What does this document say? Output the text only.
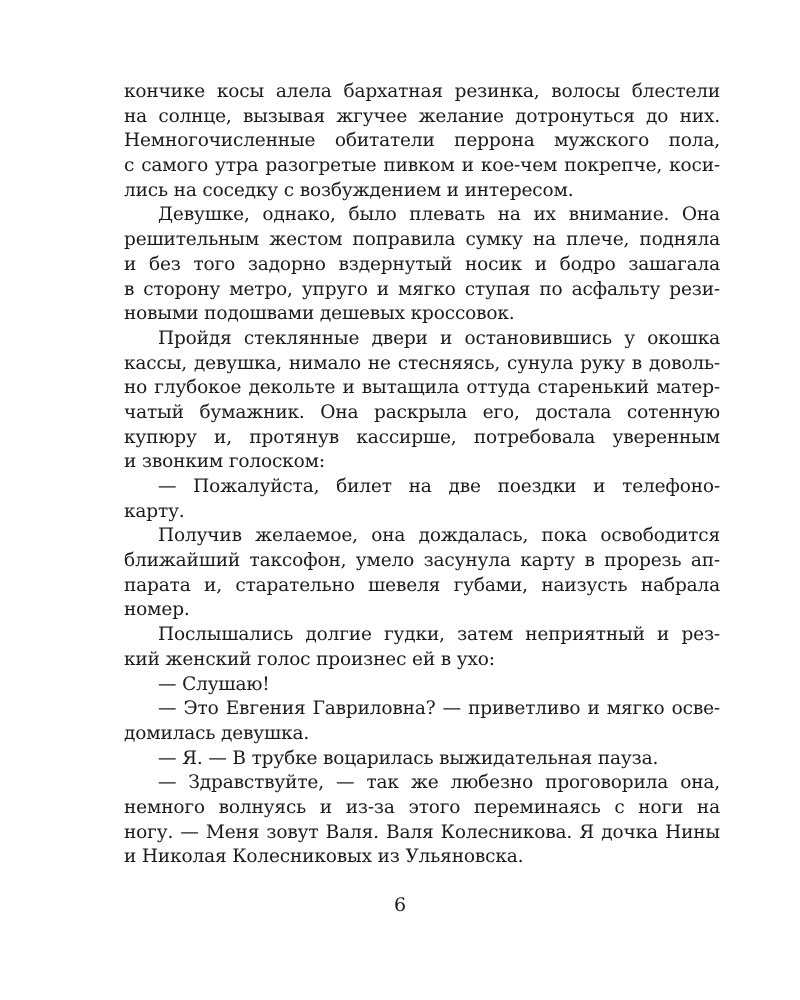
кончике косы алела бархатная резинка, волосы блестели
на солнце, вызывая жгучее желание дотронуться до них.
Немногочисленные обитатели перрона мужского пола,
с самого утра разогретые пивком и кое-чем покрепче, коси-
лись на соседку с возбуждением и интересом.
Девушке, однако, было плевать на их внимание. Она
решительным жестом поправила сумку на плече, подняла
и без того задорно вздернутый носик и бодро зашагала
в сторону метро, упруго и мягко ступая по асфальту рези-
новыми подошвами дешевых кроссовок.
Пройдя стеклянные двери и остановившись у окошка
кассы, девушка, нимало не стесняясь, сунула руку в доволь-
но глубокое декольте и вытащила оттуда старенький матер-
чатый бумажник. Она раскрыла его, достала сотенную
купюру и, протянув кассирше, потребовала уверенным
и звонким голоском:
— Пожалуйста, билет на две поездки и телефоно-
карту.
Получив желаемое, она дождалась, пока освободится
ближайший таксофон, умело засунула карту в прорезь ап-
парата и, старательно шевеля губами, наизусть набрала
номер.
Послышались долгие гудки, затем неприятный и рез-
кий женский голос произнес ей в ухо:
— Слушаю!
— Это Евгения Гавриловна? — приветливо и мягко осве-
домилась девушка.
— Я. — В трубке воцарилась выжидательная пауза.
— Здравствуйте, — так же любезно проговорила она,
немного волнуясь и из-за этого переминаясь с ноги на
ногу. — Меня зовут Валя. Валя Колесникова. Я дочка Нины
и Николая Колесниковых из Ульяновска.
6
